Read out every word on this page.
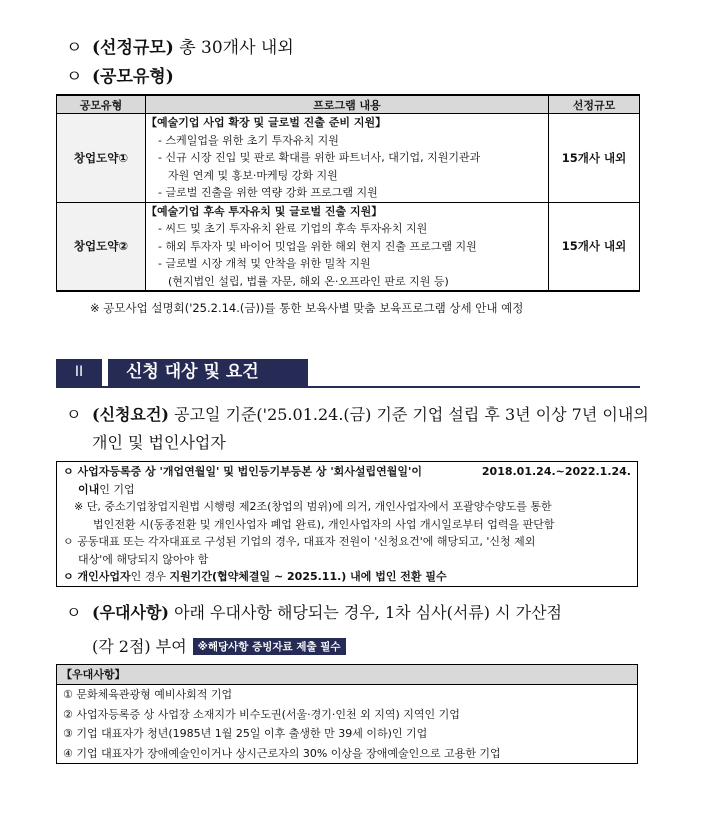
ㅇ (선정규모) 총 30개사 내외
ㅇ (공모유형)
공모유형	프로그램 내용	선정규모
창업도약①	【예술기업 사업 확장 및 글로벌 진출 준비 지원】
- 스케일업을 위한 초기 투자유치 지원
- 신규 시장 진입 및 판로 확대를 위한 파트너사, 대기업, 지원기관과
자원 연계 및 홍보·마케팅 강화 지원
- 글로벌 진출을 위한 역량 강화 프로그램 지원	15개사 내외
창업도약②	【예술기업 후속 투자유치 및 글로벌 진출 지원】
- 씨드 및 초기 투자유치 완료 기업의 후속 투자유치 지원
- 해외 투자자 및 바이어 밋업을 위한 해외 현지 진출 프로그램 지원
- 글로벌 시장 개척 및 안착을 위한 밀착 지원
(현지법인 설립, 법률 자문, 해외 온·오프라인 판로 지원 등)	15개사 내외
※ 공모사업 설명회('25.2.14.(금))를 통한 보육사별 맞춤 보육프로그램 상세 안내 예정
II	신청 대상 및 요건
ㅇ (신청요건) 공고일 기준('25.01.24.(금) 기준 기업 설립 후 3년 이상 7년 이내의
개인 및 법인사업자
ㅇ 사업자등록증 상 '개업연월일' 및 법인등기부등본 상 '회사설립연월일'이	2018.01.24.~2022.1.24.
이내인 기업
※ 단, 중소기업창업지원법 시행령 제2조(창업의 범위)에 의거, 개인사업자에서 포괄양수양도를 통한
법인전환 시(동종전환 및 개인사업자 폐업 완료), 개인사업자의 사업 개시일로부터 업력을 판단함
ㅇ 공동대표 또는 각자대표로 구성된 기업의 경우, 대표자 전원이 '신청요건'에 해당되고, '신청 제외
대상'에 해당되지 않아야 함
ㅇ 개인사업자인 경우 지원기간(협약체결일 ~ 2025.11.) 내에 법인 전환 필수
ㅇ (우대사항) 아래 우대사항 해당되는 경우, 1차 심사(서류) 시 가산점
(각 2점) 부여 ※해당사항 증빙자료 제출 필수
【우대사항】
① 문화체육관광형 예비사회적 기업
② 사업자등록증 상 사업장 소재지가 비수도권(서울·경기·인천 외 지역) 지역인 기업
③ 기업 대표자가 청년(1985년 1월 25일 이후 출생한 만 39세 이하)인 기업
④ 기업 대표자가 장애예술인이거나 상시근로자의 30% 이상을 장애예술인으로 고용한 기업
